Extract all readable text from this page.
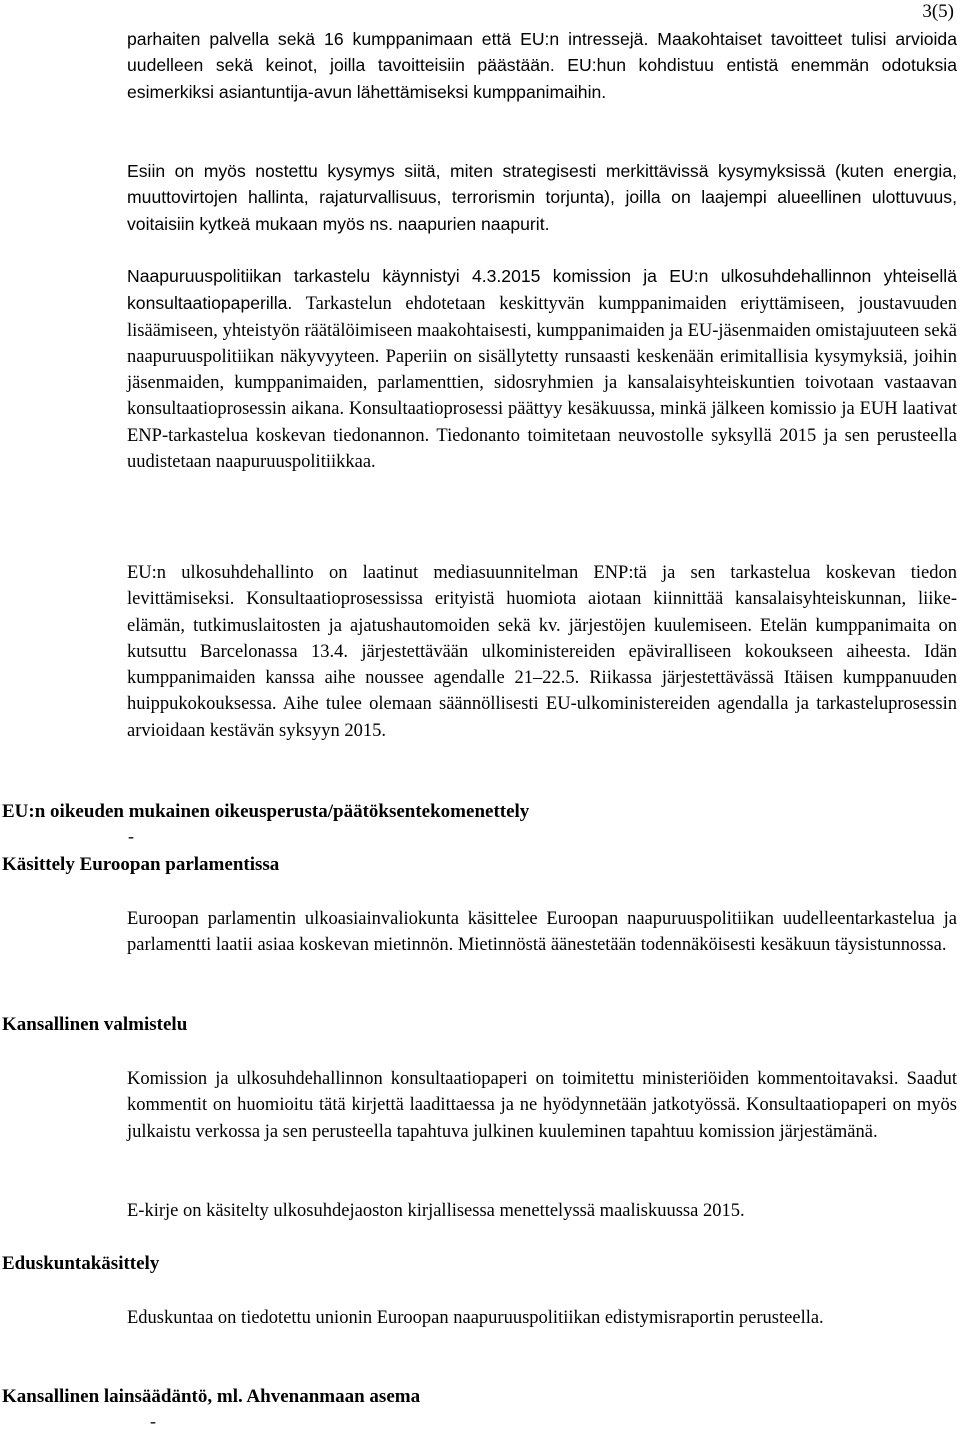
3(5)

parhaiten palvella sekä 16 kumppanimaan että EU:n intressejä. Maakohtaiset tavoitteet tulisi arvioida uudelleen sekä keinot, joilla tavoitteisiin päästään. EU:hun kohdistuu entistä enemmän odotuksia esimerkiksi asiantuntija-avun lähettämiseksi kumppanimaihin.

Esiin on myös nostettu kysymys siitä, miten strategisesti merkittävissä kysymyksissä (kuten energia, muuttovirtojen hallinta, rajaturvallisuus, terrorismin torjunta), joilla on laajempi alueellinen ulottuvuus, voitaisiin kytkeä mukaan myös ns. naapurien naapurit.

Naapuruuspolitiikan tarkastelu käynnistyi 4.3.2015 komission ja EU:n ulkosuhdehallinnon yhteisellä konsultaatiopaperilla. Tarkastelun ehdotetaan keskittyvän kumppanimaiden eriyttämiseen, joustavuuden lisäämiseen, yhteistyön räätälöimiseen maakohtaisesti, kumppanimaiden ja EU-jäsenmaiden omistajuuteen sekä naapuruuspolitiikan näkyvyyteen. Paperiin on sisällytetty runsaasti keskenään erimitallisia kysymyksiä, joihin jäsenmaiden, kumppanimaiden, parlamenttien, sidosryhmien ja kansalaisyhteiskuntien toivotaan vastaavan konsultaatioprosessin aikana. Konsultaatioprosessi päättyy kesäkuussa, minkä jälkeen komissio ja EUH laativat ENP-tarkastelua koskevan tiedonannon. Tiedonanto toimitetaan neuvostolle syksyllä 2015 ja sen perusteella uudistetaan naapuruuspolitiikkaa.

EU:n ulkosuhdehallinto on laatinut mediasuunnitelman ENP:tä ja sen tarkastelua koskevan tiedon levittämiseksi. Konsultaatioprosessissa erityistä huomiota aiotaan kiinnittää kansalaisyhteiskunnan, liike-elämän, tutkimuslaitosten ja ajatushautomoiden sekä kv. järjestöjen kuulemiseen. Etelän kumppanimaita on kutsuttu Barcelonassa 13.4. järjestettävään ulkoministereiden epäviralliseen kokoukseen aiheesta. Idän kumppanimaiden kanssa aihe noussee agendalle 21–22.5. Riikassa järjestettävässä Itäisen kumppanuuden huippukokouksessa. Aihe tulee olemaan säännöllisesti EU-ulkoministereiden agendalla ja tarkasteluprosessin arvioidaan kestävän syksyyn 2015.

EU:n oikeuden mukainen oikeusperusta/päätöksentekomenettely
-
Käsittely Euroopan parlamentissa

Euroopan parlamentin ulkoasiainvaliokunta käsittelee Euroopan naapuruuspolitiikan uudelleentarkastelua ja parlamentti laatii asiaa koskevan mietinnön. Mietinnöstä äänestetään todennäköisesti kesäkuun täysistunnossa.

Kansallinen valmistelu

Komission ja ulkosuhdehallinnon konsultaatiopaperi on toimitettu ministeriöiden kommentoitavaksi. Saadut kommentit on huomioitu tätä kirjettä laadittaessa ja ne hyödynnetään jatkotyössä. Konsultaatiopaperi on myös julkaistu verkossa ja sen perusteella tapahtuva julkinen kuuleminen tapahtuu komission järjestämänä.

E-kirje on käsitelty ulkosuhdejaoston kirjallisessa menettelyssä maaliskuussa 2015.

Eduskuntakäsittely

Eduskuntaa on tiedotettu unionin Euroopan naapuruuspolitiikan edistymisraportin perusteella.

Kansallinen lainsäädäntö, ml. Ahvenanmaan asema
-
